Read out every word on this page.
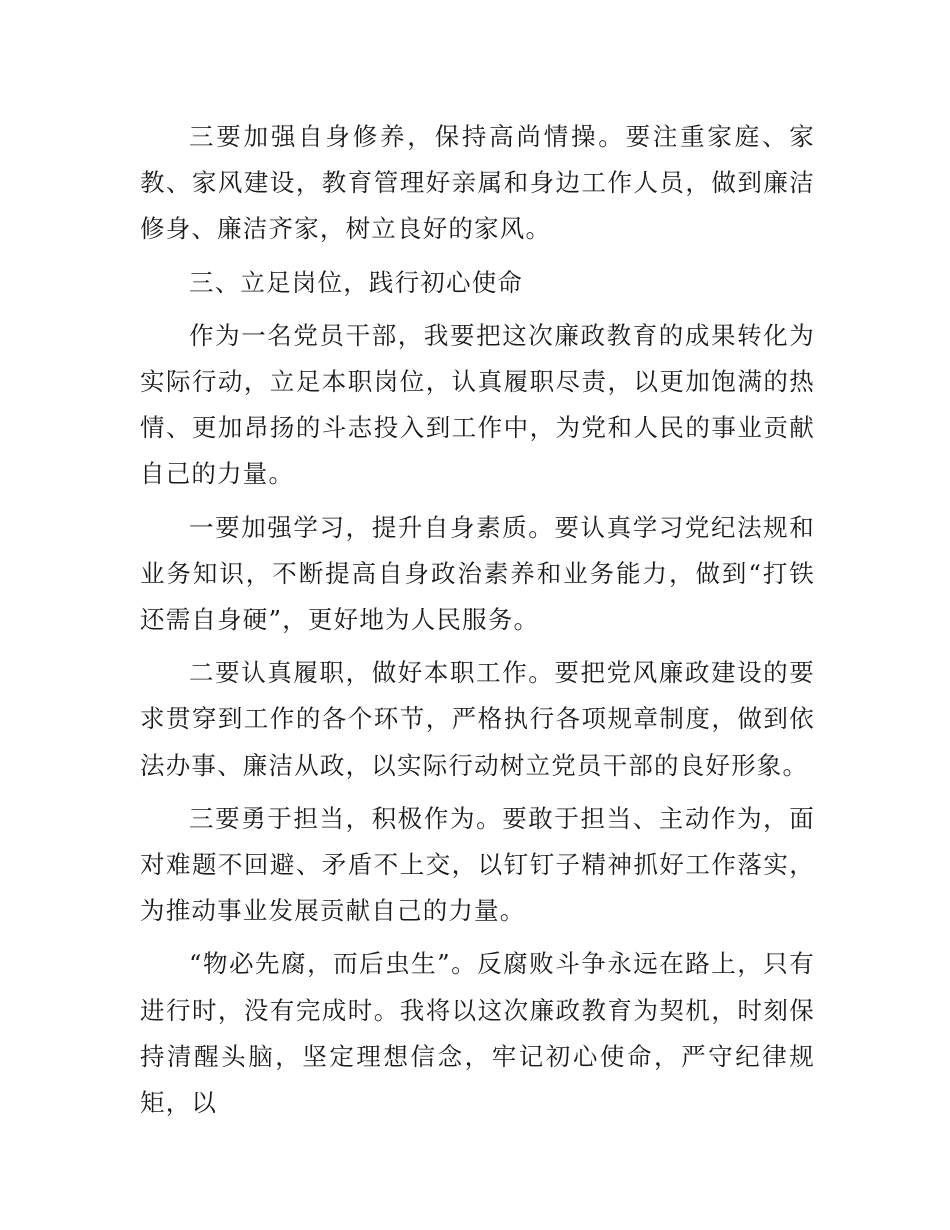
三要加强自身修养，保持高尚情操。要注重家庭、家教、家风建设，教育管理好亲属和身边工作人员，做到廉洁修身、廉洁齐家，树立良好的家风。

三、立足岗位，践行初心使命

作为一名党员干部，我要把这次廉政教育的成果转化为实际行动，立足本职岗位，认真履职尽责，以更加饱满的热情、更加昂扬的斗志投入到工作中，为党和人民的事业贡献自己的力量。

一要加强学习，提升自身素质。要认真学习党纪法规和业务知识，不断提高自身政治素养和业务能力，做到“打铁还需自身硬”，更好地为人民服务。

二要认真履职，做好本职工作。要把党风廉政建设的要求贯穿到工作的各个环节，严格执行各项规章制度，做到依法办事、廉洁从政，以实际行动树立党员干部的良好形象。

三要勇于担当，积极作为。要敢于担当、主动作为，面对难题不回避、矛盾不上交，以钉钉子精神抓好工作落实，为推动事业发展贡献自己的力量。

“物必先腐，而后虫生”。反腐败斗争永远在路上，只有进行时，没有完成时。我将以这次廉政教育为契机，时刻保持清醒头脑，坚定理想信念，牢记初心使命，严守纪律规矩，以
